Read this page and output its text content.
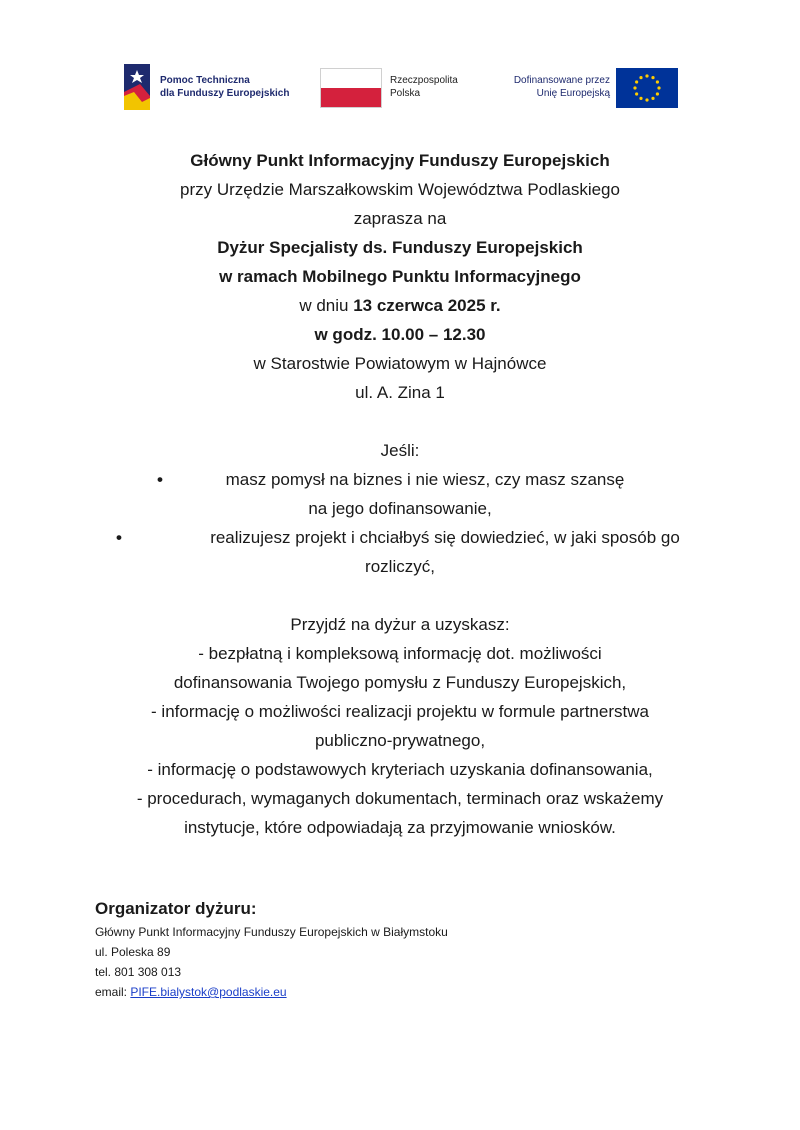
Pomoc Techniczna
dla Funduszy Europejskich
Rzeczpospolita
Polska
Dofinansowane przez
Unię Europejską

Główny Punkt Informacyjny Funduszy Europejskich

przy Urzędzie Marszałkowskim Województwa Podlaskiego

zaprasza na

Dyżur Specjalisty ds. Funduszy Europejskich

w ramach Mobilnego Punktu Informacyjnego

w dniu 13 czerwca 2025 r.

w godz. 10.00 – 12.30

w Starostwie Powiatowym w Hajnówce

ul. A. Zina 1

Jeśli:

•	masz pomysł na biznes i nie wiesz, czy masz szansę

na jego dofinansowanie,

•	realizujesz projekt i chciałbyś się dowiedzieć, w jaki sposób go

rozliczyć,

Przyjdź na dyżur a uzyskasz:

- bezpłatną i kompleksową informację dot. możliwości

dofinansowania Twojego pomysłu z Funduszy Europejskich,

- informację o możliwości realizacji projektu w formule partnerstwa

publiczno-prywatnego,

- informację o podstawowych kryteriach uzyskania dofinansowania,

- procedurach, wymaganych dokumentach, terminach oraz wskażemy

instytucje, które odpowiadają za przyjmowanie wniosków.

Organizator dyżuru:

Główny Punkt Informacyjny Funduszy Europejskich w Białymstoku

ul. Poleska 89

tel. 801 308 013

email: PIFE.bialystok@podlaskie.eu
